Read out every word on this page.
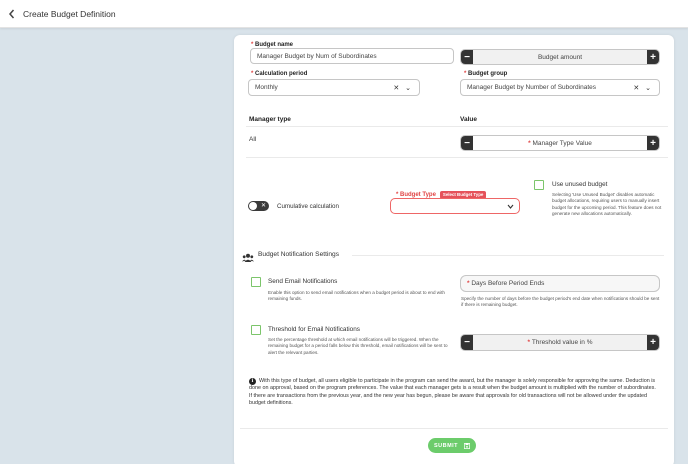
Create Budget Definition
* Budget name
Manager Budget by Num of Subordinates	−	Budget amount	+
* Calculation period
Monthly	✕ ⌄
* Budget group
Manager Budget by Number of Subordinates	✕ ⌄
Manager type	Value
All	−	* Manager Type Value	+
✕ Cumulative calculation
* Budget Type	Select Budget Type
Use unused budget
Selecting 'Use Unused Budget' disables automatic budget allocations, requiring users to manually insert budget for the upcoming period. This feature does not generate new allocations automatically.
Budget Notification Settings
Send Email Notifications
Enable this option to send email notifications when a budget period is about to end with remaining funds.
* Days Before Period Ends
Specify the number of days before the budget period's end date when notifications should be sent if there is remaining budget.
Threshold for Email Notifications
Set the percentage threshold at which email notifications will be triggered. When the remaining budget for a period falls below this threshold, email notifications will be sent to alert the relevant parties.
−	* Threshold value in %	+
i	With this type of budget, all users eligible to participate in the program can send the award, but the manager is solely responsible for approving the same. Deduction is done on approval, based on the program preferences. The value that each manager gets is a result when the budget amount is multiplied with the number of subordinates. If there are transactions from the previous year, and the new year has begun, please be aware that approvals for old transactions will not be allowed under the updated budget definitions.
SUBMIT
